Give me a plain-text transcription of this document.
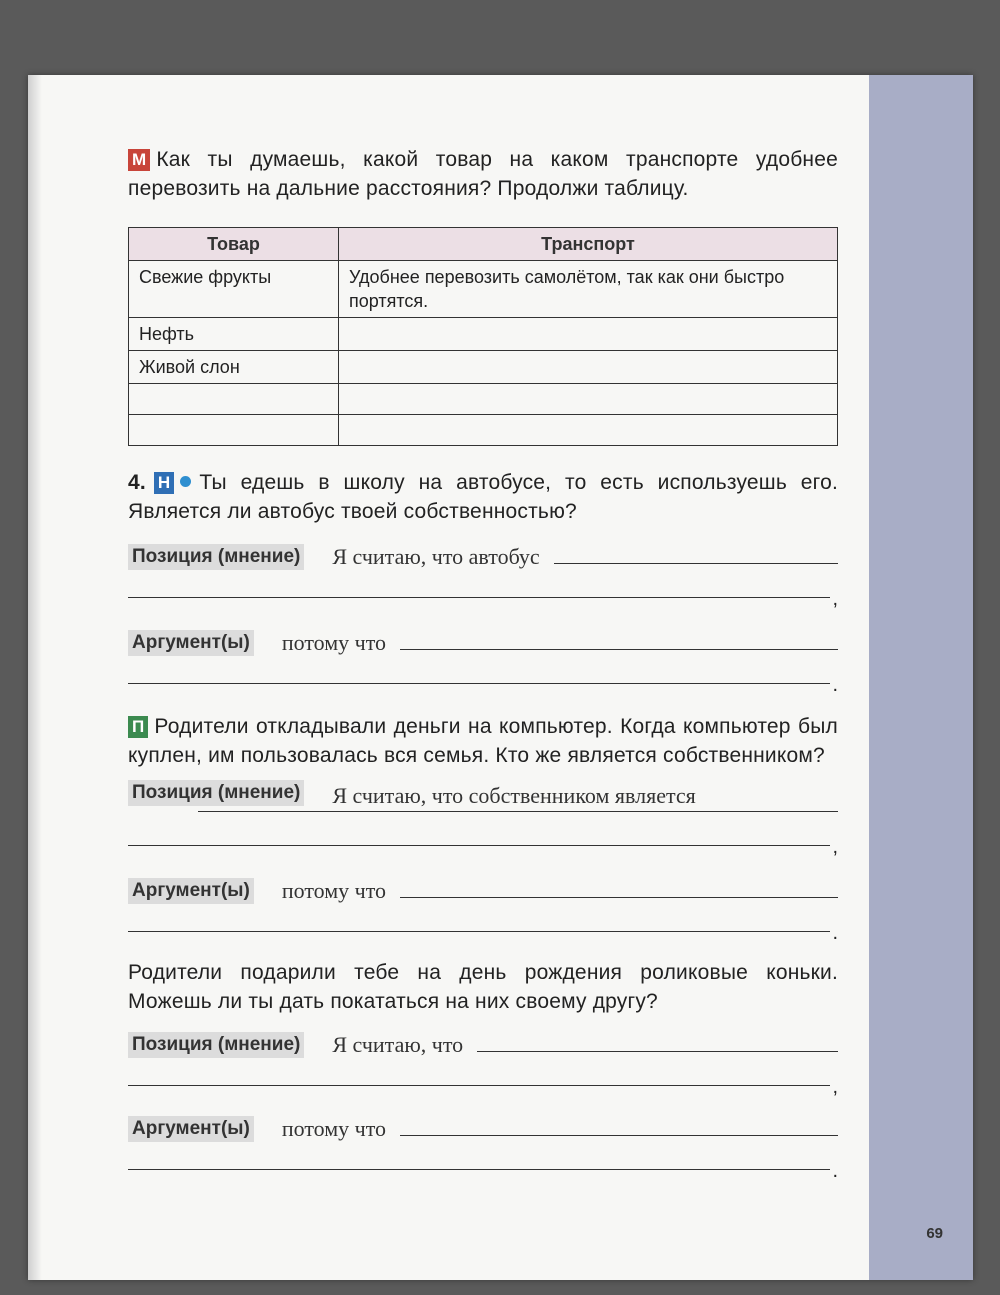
69

М Как ты думаешь, какой товар на каком транспорте удобнее перевозить на дальние расстояния? Продолжи таблицу.

Товар	Транспорт
Свежие фрукты	Удобнее перевозить самолётом, так как они быстро портятся.
Нефть	
Живой слон	

4. Н Ты едешь в школу на автобусе, то есть используешь его. Является ли автобус твоей собственностью?

Позиция (мнение) Я считаю, что автобус
,
Аргумент(ы) потому что
.

П Родители откладывали деньги на компьютер. Когда компьютер был куплен, им пользовалась вся семья. Кто же является собственником?

Позиция (мнение) Я считаю, что собственником является
,
Аргумент(ы) потому что
.

Родители подарили тебе на день рождения роликовые коньки. Можешь ли ты дать покататься на них своему другу?

Позиция (мнение) Я считаю, что
,
Аргумент(ы) потому что
.
